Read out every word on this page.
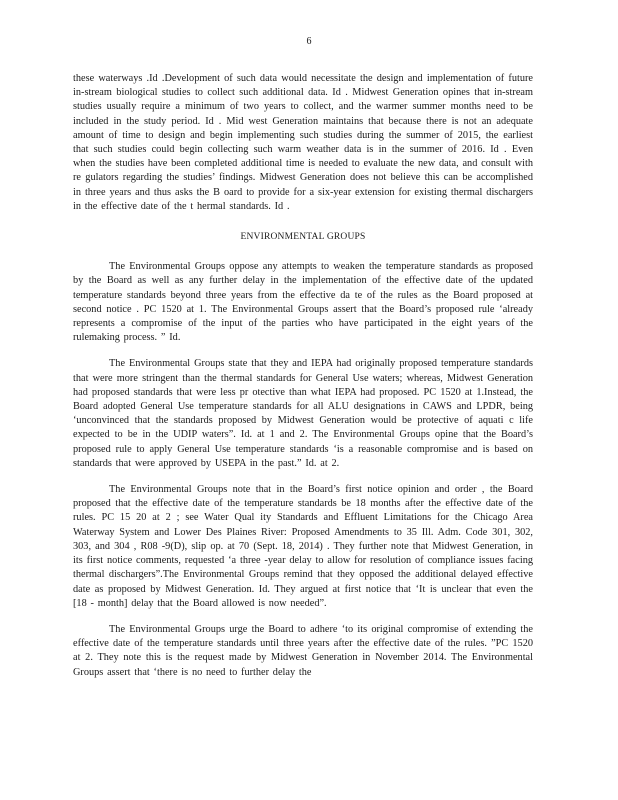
6

these waterways .Id .Development of such data would necessitate the design and implementation of future in-stream biological studies to collect such additional data. Id . Midwest Generation opines that in-stream studies usually require a minimum of two years to collect, and the warmer summer months need to be included in the study period. Id . Mid west Generation maintains that because there is not an adequate amount of time to design and begin implementing such studies during the summer of 2015, the earliest that such studies could begin collecting such warm weather data is in the summer of 2016. Id . Even when the studies have been completed additional time is needed to evaluate the new data, and consult with re gulators regarding the studies’ findings. Midwest Generation does not believe this can be accomplished in three years and thus asks the B oard to provide for a six-year extension for existing thermal dischargers in the effective date of the t hermal standards. Id .

ENVIRONMENTAL GROUPS

The Environmental Groups oppose any attempts to weaken the temperature standards as proposed by the Board as well as any further delay in the implementation of the effective date of the updated temperature standards beyond three years from the effective da te of the rules as the Board proposed at second notice . PC 1520 at 1. The Environmental Groups assert that the Board’s proposed rule ‘already represents a compromise of the input of the parties who have participated in the eight years of the rulemaking process. ” Id.

The Environmental Groups state that they and IEPA had originally proposed temperature standards that were more stringent than the thermal standards for General Use waters; whereas, Midwest Generation had proposed standards that were less pr otective than what IEPA had proposed. PC 1520 at 1.Instead, the Board adopted General Use temperature standards for all ALU designations in CAWS and LPDR, being ‘unconvinced that the standards proposed by Midwest Generation would be protective of aquati c life expected to be in the UDIP waters”. Id. at 1 and 2. The Environmental Groups opine that the Board’s proposed rule to apply General Use temperature standards ‘is a reasonable compromise and is based on standards that were approved by USEPA in the past.” Id. at 2.

The Environmental Groups note that in the Board’s first notice opinion and order , the Board proposed that the effective date of the temperature standards be 18 months after the effective date of the rules. PC 15 20 at 2 ; see Water Qual ity Standards and Effluent Limitations for the Chicago Area Waterway System and Lower Des Plaines River: Proposed Amendments to 35 Ill. Adm. Code 301, 302, 303, and 304 , R08 -9(D), slip op. at 70 (Sept. 18, 2014) . They further note that Midwest Generation, in its first notice comments, requested ‘a three -year delay to allow for resolution of compliance issues facing thermal dischargers”.The Environmental Groups remind that they opposed the additional delayed effective date as proposed by Midwest Generation. Id. They argued at first notice that ‘It is unclear that even the [18 - month] delay that the Board allowed is now needed”.

The Environmental Groups urge the Board to adhere ‘to its original compromise of extending the effective date of the temperature standards until three years after the effective date of the rules. ”PC 1520 at 2. They note this is the request made by Midwest Generation in November 2014. The Environmental Groups assert that ‘there is no need to further delay the
